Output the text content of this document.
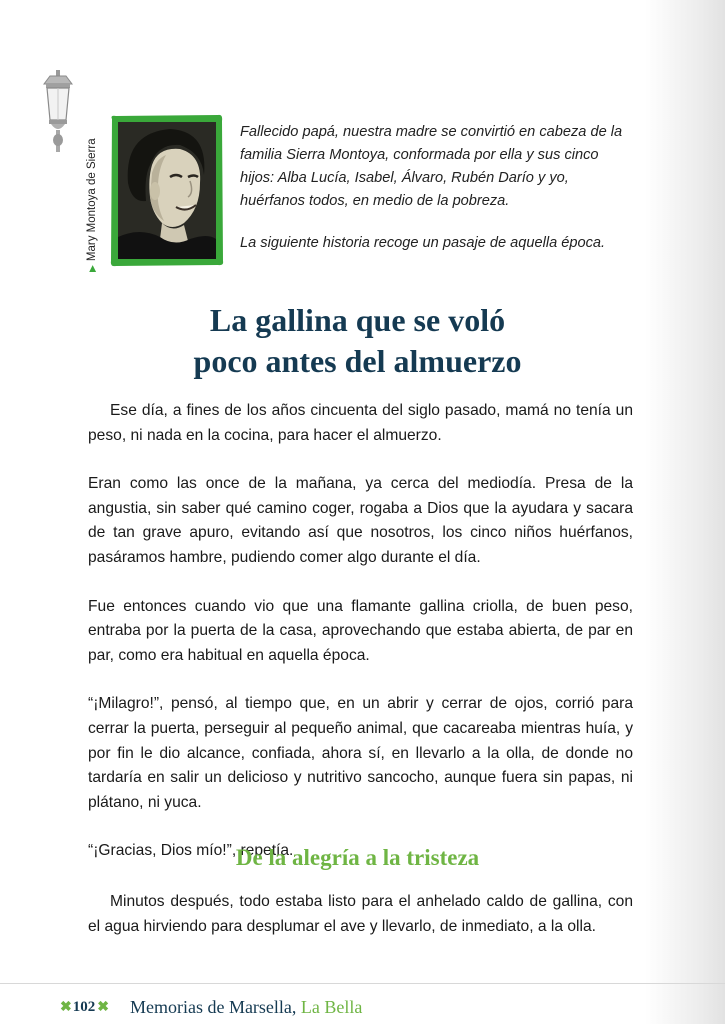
▶Mary Montoya de Sierra

Fallecido papá, nuestra madre se convirtió en cabeza de la familia Sierra Montoya, conformada por ella y sus cinco hijos: Alba Lucía, Isabel, Álvaro, Rubén Darío y yo, huérfanos todos, en medio de la pobreza.

La siguiente historia recoge un pasaje de aquella época.

La gallina que se voló
poco antes del almuerzo

Ese día, a fines de los años cincuenta del siglo pasado, mamá no tenía un peso, ni nada en la cocina, para hacer el almuerzo.

Eran como las once de la mañana, ya cerca del mediodía. Presa de la angustia, sin saber qué camino coger, rogaba a Dios que la ayudara y sacara de tan grave apuro, evitando así que nosotros, los cinco niños huérfanos, pasáramos hambre, pudiendo comer algo durante el día.

Fue entonces cuando vio que una flamante gallina criolla, de buen peso, entraba por la puerta de la casa, aprovechando que estaba abierta, de par en par, como era habitual en aquella época.

“¡Milagro!”, pensó, al tiempo que, en un abrir y cerrar de ojos, corrió para cerrar la puerta, perseguir al pequeño animal, que cacareaba mientras huía, y por fin le dio alcance, confiada, ahora sí, en llevarlo a la olla, de donde no tardaría en salir un delicioso y nutritivo sancocho, aunque fuera sin papas, ni plátano, ni yuca.

“¡Gracias, Dios mío!”, repetía.

De la alegría a la tristeza

Minutos después, todo estaba listo para el anhelado caldo de gallina, con el agua hirviendo para desplumar el ave y llevarlo, de inmediato, a la olla.

✖ 102 ✖ Memorias de Marsella, La Bella
